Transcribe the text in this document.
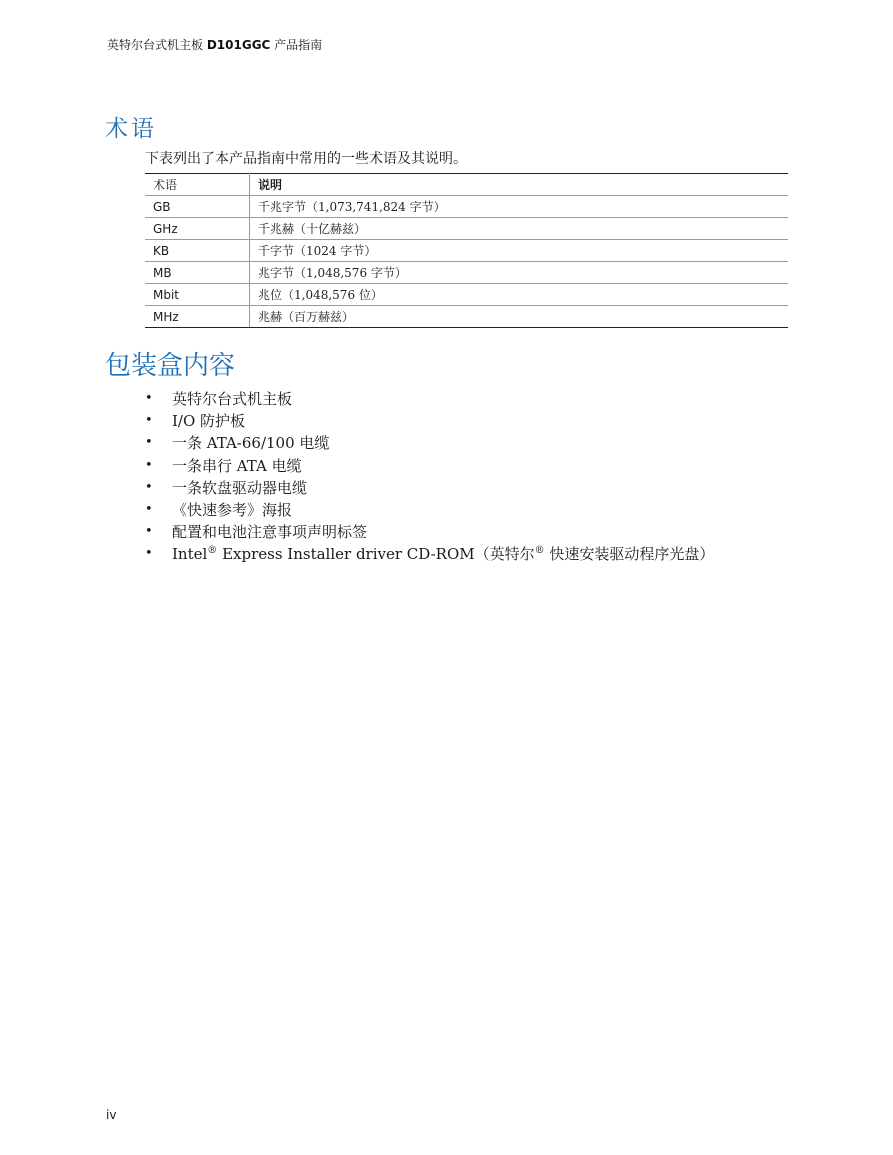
英特尔台式机主板 D101GGC 产品指南
术语
下表列出了本产品指南中常用的一些术语及其说明。
术语	说明
GB	千兆字节（1,073,741,824 字节）
GHz	千兆赫（十亿赫兹）
KB	千字节（1024 字节）
MB	兆字节（1,048,576 字节）
Mbit	兆位（1,048,576 位）
MHz	兆赫（百万赫兹）
包装盒内容
• 英特尔台式机主板
• I/O 防护板
• 一条 ATA-66/100 电缆
• 一条串行 ATA 电缆
• 一条软盘驱动器电缆
• 《快速参考》海报
• 配置和电池注意事项声明标签
• Intel® Express Installer driver CD-ROM（英特尔® 快速安装驱动程序光盘）
iv
